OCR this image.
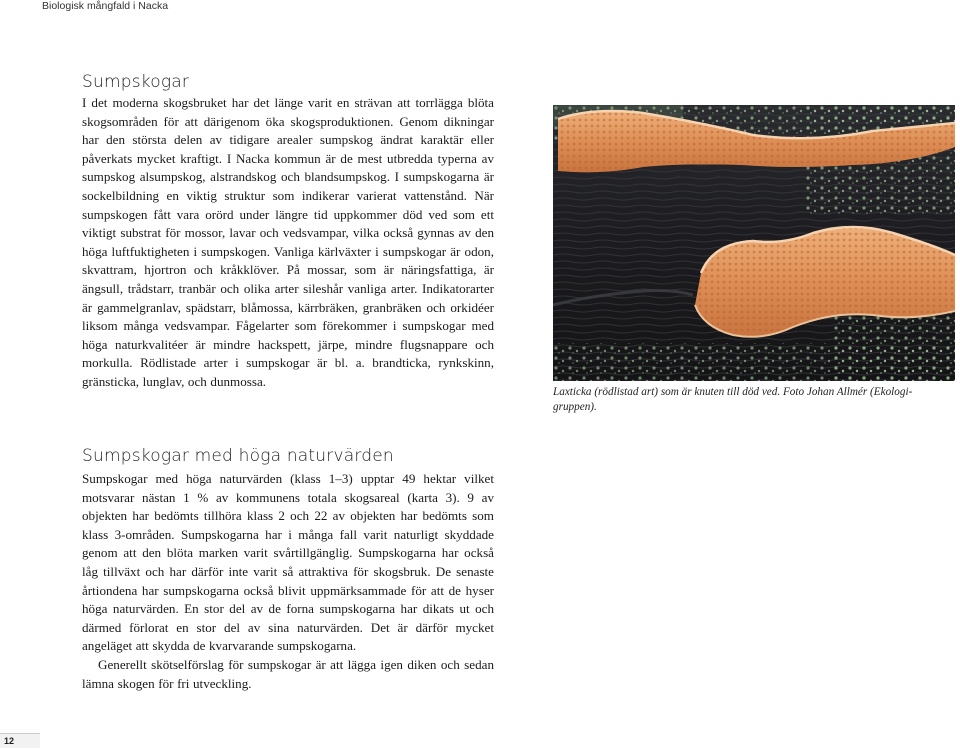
Biologisk mångfald i Nacka
Sumpskogar

I det moderna skogsbruket har det länge varit en strävan att torrlägga blöta skogsområden för att därigenom öka skogsproduktionen. Genom dikningar har den största delen av tidigare arealer sumpskog ändrat karaktär eller påverkats mycket kraftigt. I Nacka kommun är de mest utbredda typerna av sumpskog alsumpskog, alstrandskog och blandsumpskog. I sumpskogarna är sockelbildning en viktig struktur som indikerar varierat vattenstånd. När sumpskogen fått vara orörd under längre tid uppkommer död ved som ett viktigt substrat för mossor, lavar och vedsvampar, vilka också gynnas av den höga luftfuktigheten i sumpskogen. Vanliga kärlväxter i sumpskogar är odon, skvattram, hjortron och kråkklöver. På mossar, som är näringsfattiga, är ängsull, trådstarr, tranbär och olika arter sileshår vanliga arter. Indikatorarter är gammelgranlav, spädstarr, blåmossa, kärrbräken, granbräken och orkidéer liksom många vedsvampar. Fågelarter som förekommer i sumpskogar med höga naturkvalitéer är mindre hackspett, järpe, mindre flugsnappare och morkulla. Rödlistade arter i sumpskogar är bl. a. brandticka, rynkskinn, gränsticka, lunglav, och dunmossa.

Sumpskogar med höga naturvärden

Sumpskogar med höga naturvärden (klass 1–3) upptar 49 hektar vilket motsvarar nästan 1 % av kommunens totala skogsareal (karta 3). 9 av objekten har bedömts tillhöra klass 2 och 22 av objekten har bedömts som klass 3-områden. Sumpskogarna har i många fall varit naturligt skyddade genom att den blöta marken varit svårtillgänglig. Sumpskogarna har också låg tillväxt och har därför inte varit så attraktiva för skogsbruk. De senaste årtiondena har sumpskogarna också blivit uppmärksammade för att de hyser höga naturvärden. En stor del av de forna sumpskogarna har dikats ut och därmed förlorat en stor del av sina naturvärden. Det är därför mycket angeläget att skydda de kvarvarande sumpskogarna.

Generellt skötselförslag för sumpskogar är att lägga igen diken och sedan lämna skogen för fri utveckling.

Laxticka (rödlistad art) som är knuten till död ved. Foto Johan Allmér (Ekologigruppen).

12
